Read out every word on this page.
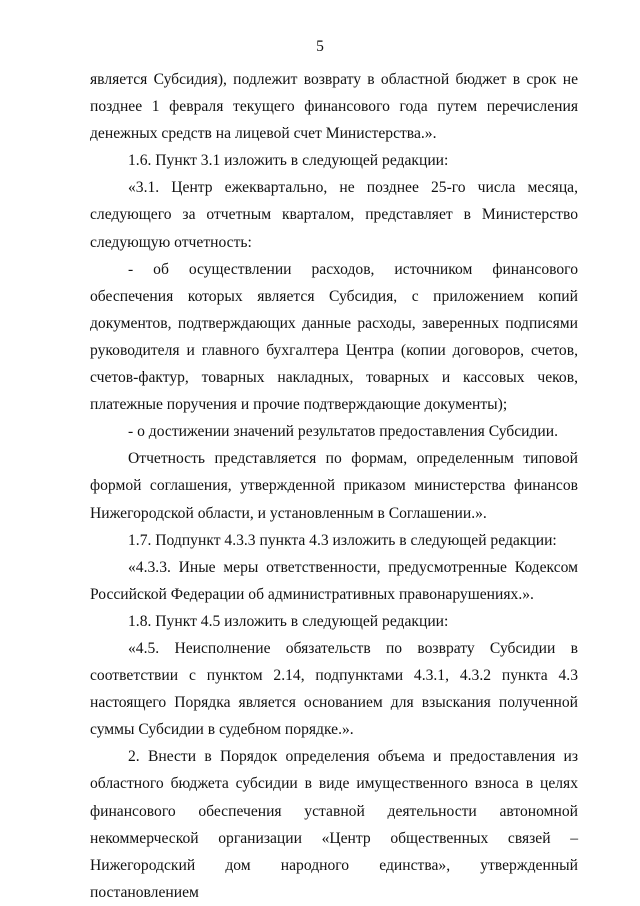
5

является Субсидия), подлежит возврату в областной бюджет в срок не позднее 1 февраля текущего финансового года путем перечисления денежных средств на лицевой счет Министерства.».

1.6. Пункт 3.1 изложить в следующей редакции:

«3.1. Центр ежеквартально, не позднее 25-го числа месяца, следующего за отчетным кварталом, представляет в Министерство следующую отчетность:

- об осуществлении расходов, источником финансового обеспечения которых является Субсидия, с приложением копий документов, подтверждающих данные расходы, заверенных подписями руководителя и главного бухгалтера Центра (копии договоров, счетов, счетов-фактур, товарных накладных, товарных и кассовых чеков, платежные поручения и прочие подтверждающие документы);

- о достижении значений результатов предоставления Субсидии.

Отчетность представляется по формам, определенным типовой формой соглашения, утвержденной приказом министерства финансов Нижегородской области, и установленным в Соглашении.».

1.7. Подпункт 4.3.3 пункта 4.3 изложить в следующей редакции:

«4.3.3. Иные меры ответственности, предусмотренные Кодексом Российской Федерации об административных правонарушениях.».

1.8. Пункт 4.5 изложить в следующей редакции:

«4.5. Неисполнение обязательств по возврату Субсидии в соответствии с пунктом 2.14, подпунктами 4.3.1, 4.3.2 пункта 4.3 настоящего Порядка является основанием для взыскания полученной суммы Субсидии в судебном порядке.».

2. Внести в Порядок определения объема и предоставления из областного бюджета субсидии в виде имущественного взноса в целях финансового обеспечения уставной деятельности автономной некоммерческой организации «Центр общественных связей – Нижегородский дом народного единства», утвержденный постановлением
